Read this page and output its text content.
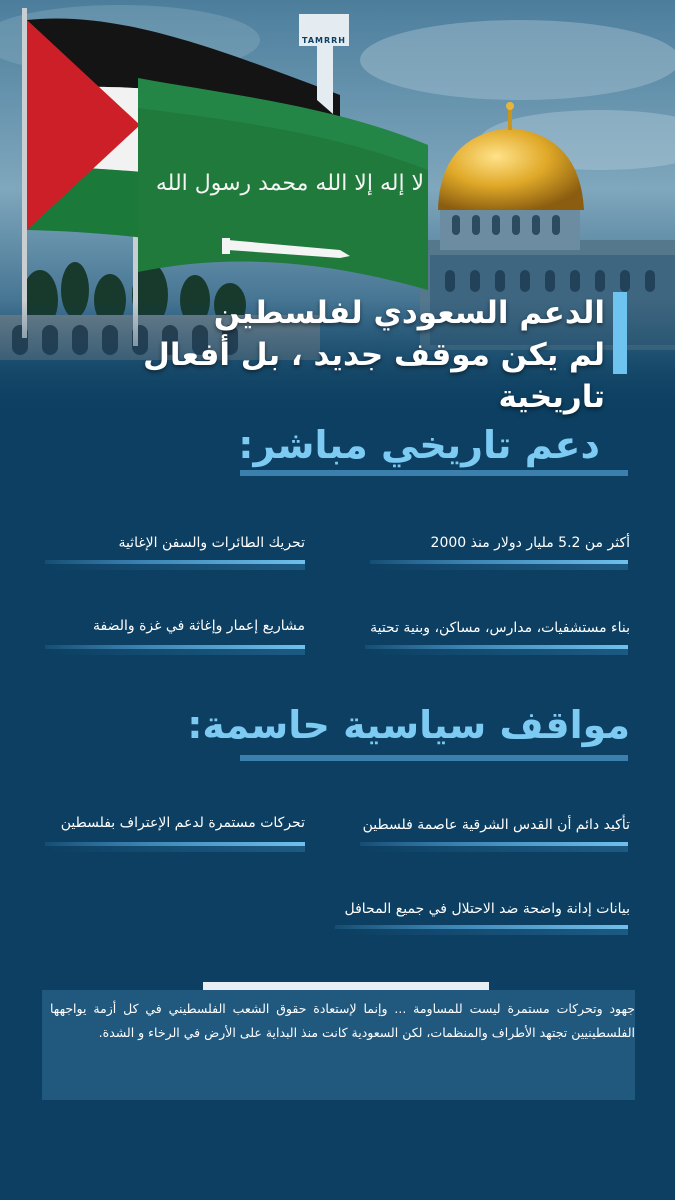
لا إله إلا الله محمد رسول الله
TAMRRH
الدعم السعودي لفلسطين
لم يكن موقف جديد ، بل أفعال تاريخية
دعم تاريخي مباشر:
أكثر من 5.2 مليار دولار منذ 2000
تحريك الطائرات والسفن الإغاثية
بناء مستشفيات، مدارس، مساكن، وبنية تحتية
مشاريع إعمار وإغاثة في غزة والضفة
مواقف سياسية حاسمة:
تأكيد دائم أن القدس الشرقية عاصمة فلسطين
تحركات مستمرة لدعم الإعتراف بفلسطين
بيانات إدانة واضحة ضد الاحتلال في جميع المحافل
جهود وتحركات مستمرة ليست للمساومة ... وإنما لإستعادة حقوق الشعب الفلسطيني في كل أزمة يواجهها الفلسطينيين تجتهد الأطراف والمنظمات، لكن السعودية كانت منذ البداية على الأرض في الرخاء و الشدة.
